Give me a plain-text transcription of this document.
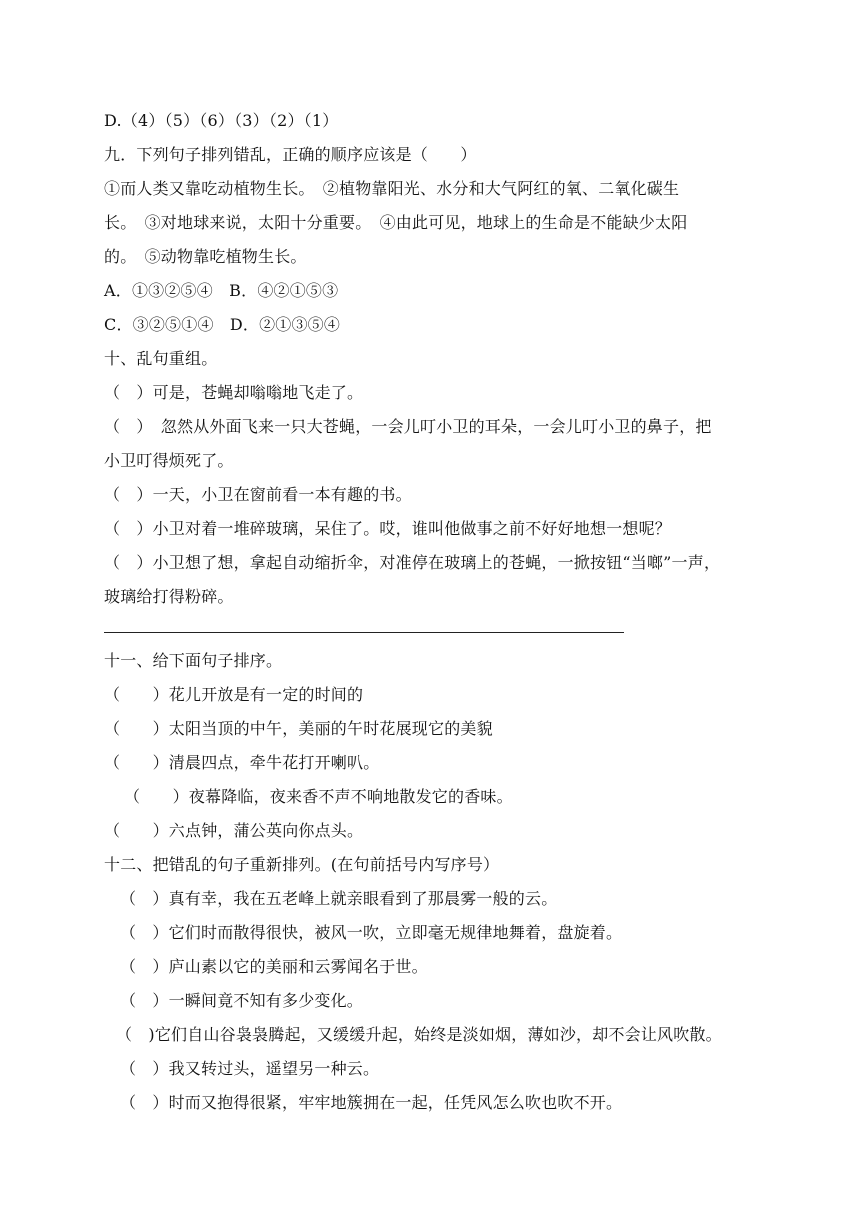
D.（4）（5）（6）（3）（2）（1）
九．下列句子排列错乱，正确的顺序应该是（　　）
①而人类又靠吃动植物生长。　②植物靠阳光、水分和大气阿红的氧、二氧化碳生
长。　③对地球来说，太阳十分重要。　④由此可见，地球上的生命是不能缺少太阳
的。　⑤动物靠吃植物生长。
A．①③②⑤④　B．④②①⑤③
C．③②⑤①④　D．②①③⑤④
十、乱句重组。
（　）可是，苍蝇却嗡嗡地飞走了。
（　）　忽然从外面飞来一只大苍蝇，一会儿叮小卫的耳朵，一会儿叮小卫的鼻子，把
小卫叮得烦死了。
（　）一天，小卫在窗前看一本有趣的书。
（　）小卫对着一堆碎玻璃，呆住了。哎，谁叫他做事之前不好好地想一想呢？
（　）小卫想了想，拿起自动缩折伞，对准停在玻璃上的苍蝇，一掀按钮“当啷”一声，
玻璃给打得粉碎。
十一、给下面句子排序。
（　　）花儿开放是有一定的时间的
（　　）太阳当顶的中午，美丽的午时花展现它的美貌
（　　）清晨四点，牵牛花打开喇叭。
（　　）夜幕降临，夜来香不声不响地散发它的香味。
（　　）六点钟，蒲公英向你点头。
十二、把错乱的句子重新排列。(在句前括号内写序号）
（　）真有幸，我在五老峰上就亲眼看到了那晨雾一般的云。
（　）它们时而散得很快，被风一吹，立即毫无规律地舞着，盘旋着。
（　）庐山素以它的美丽和云雾闻名于世。
（　）一瞬间竟不知有多少变化。
（　)它们自山谷袅袅腾起，又缓缓升起，始终是淡如烟，薄如沙，却不会让风吹散。
（　）我又转过头，遥望另一种云。
（　）时而又抱得很紧，牢牢地簇拥在一起，任凭风怎么吹也吹不开。
